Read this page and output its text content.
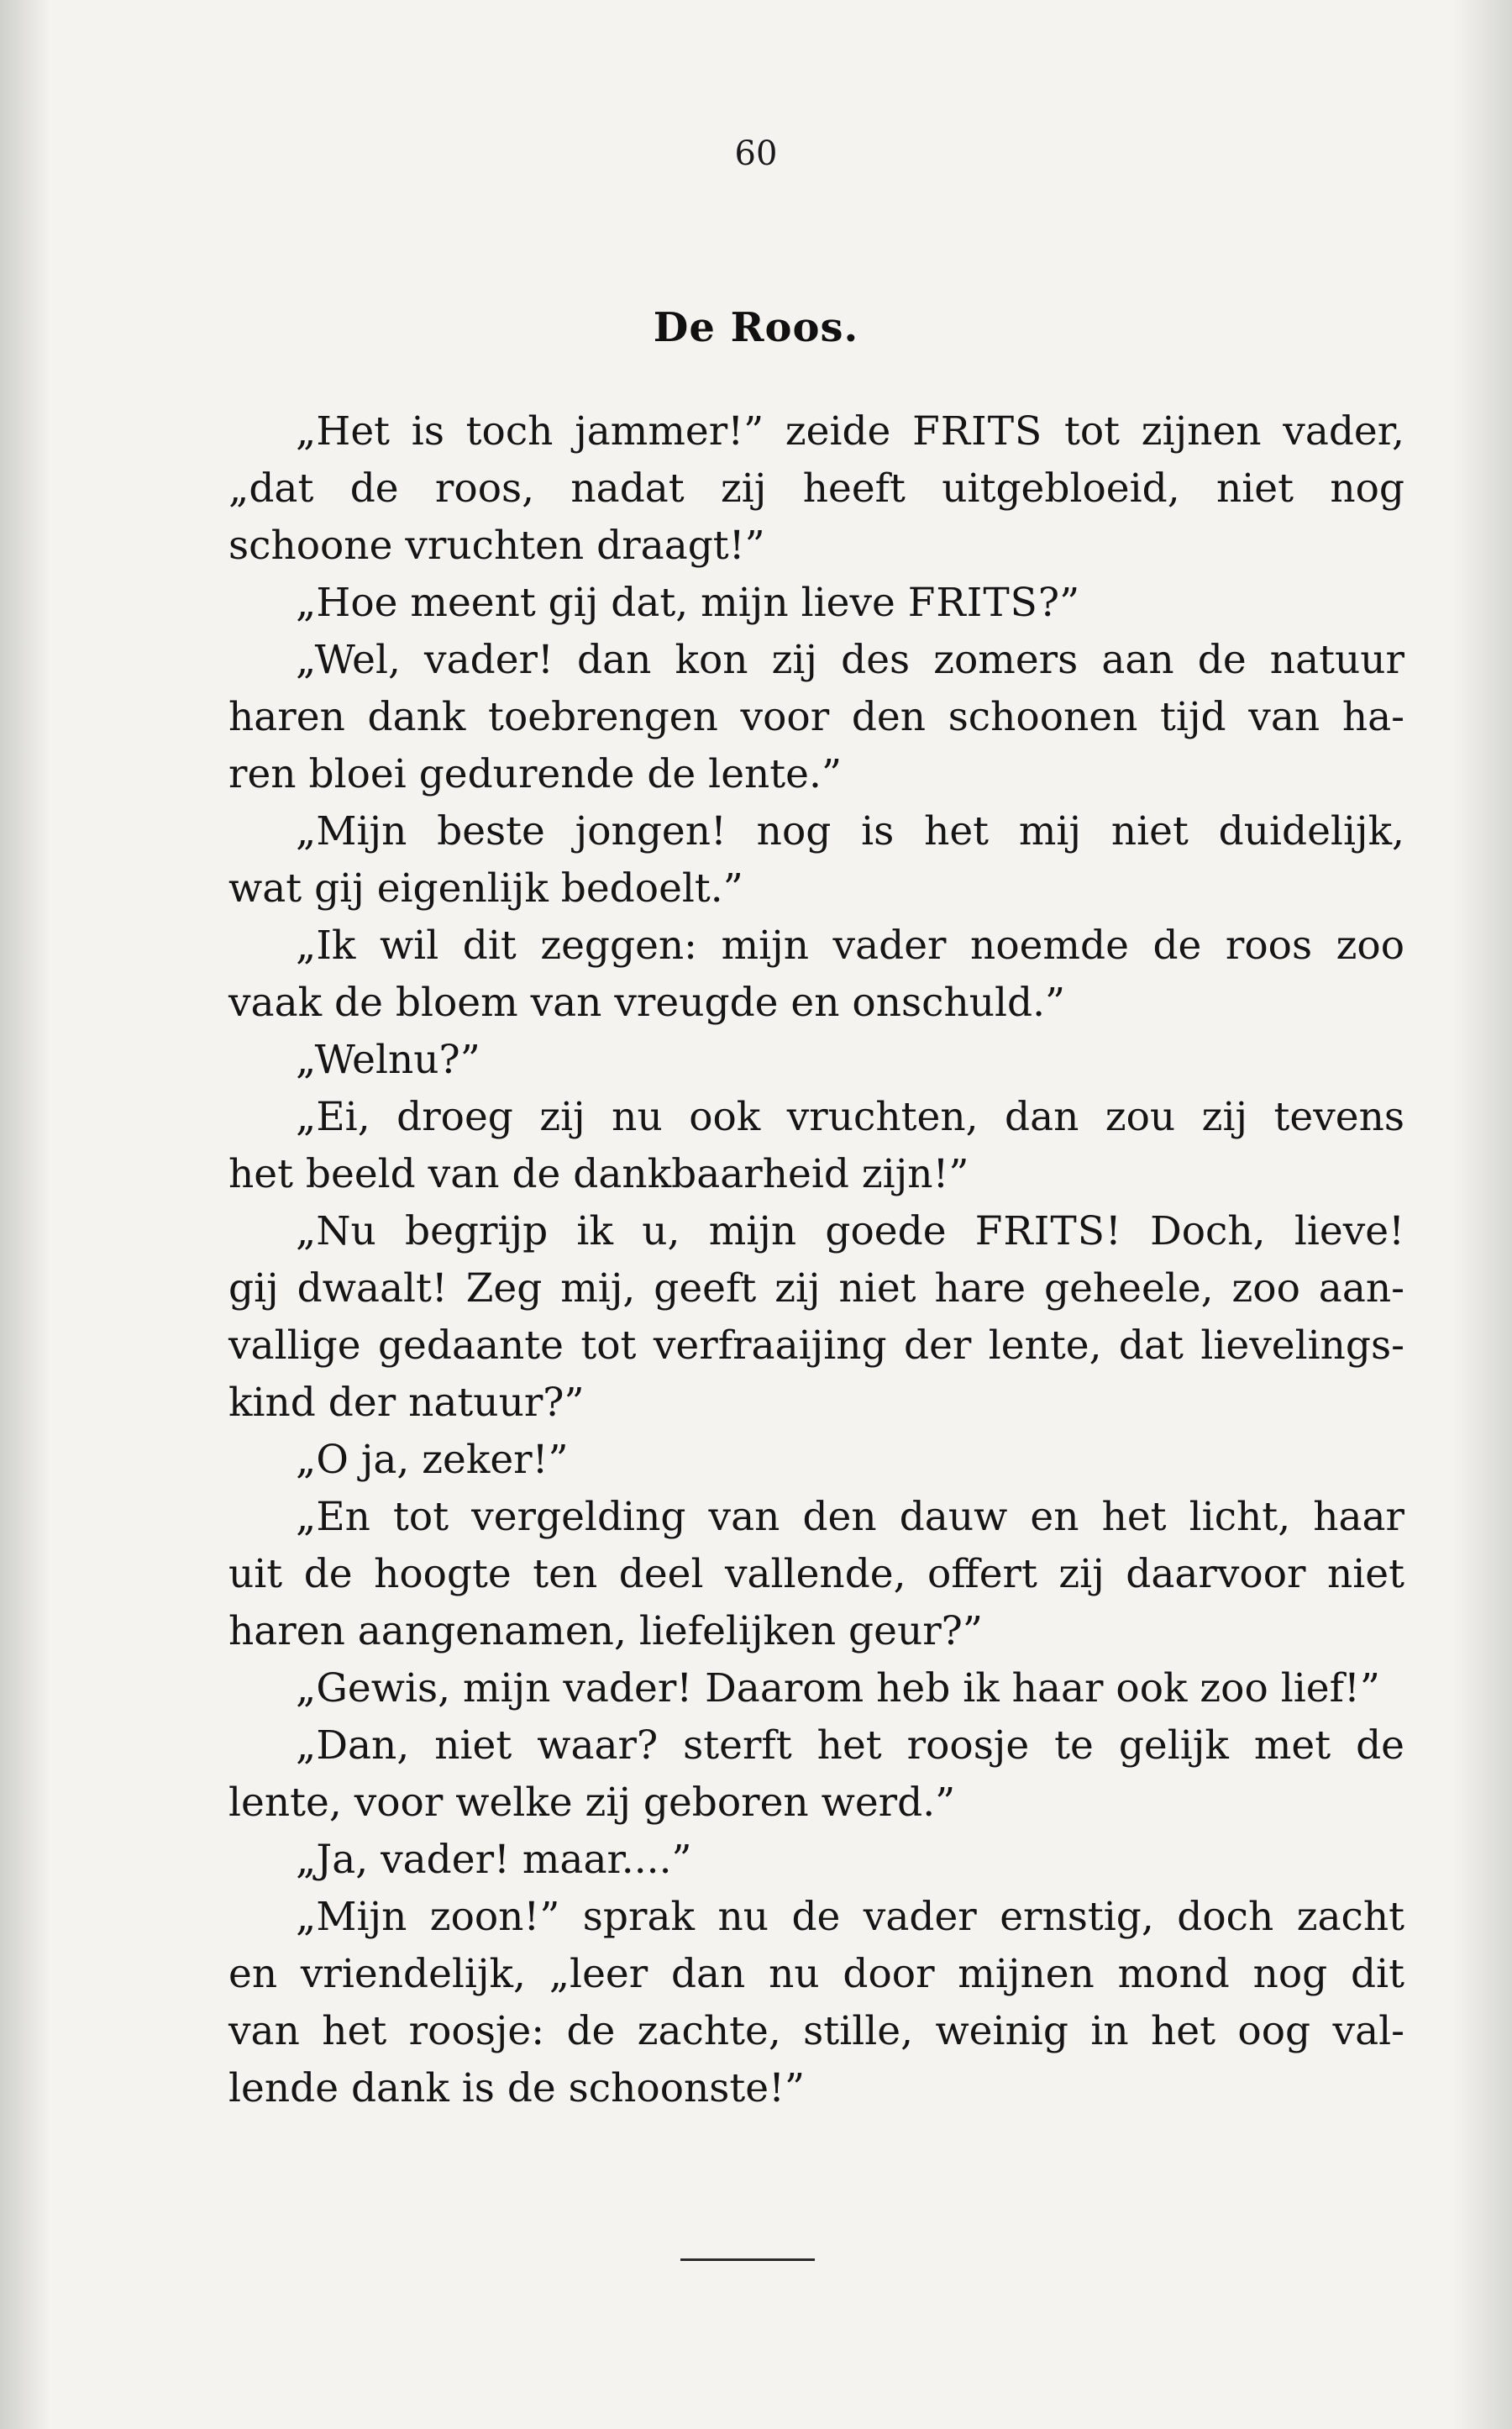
60
De Roos.
„Het is toch jammer!” zeide FRITS tot zijnen vader,
„dat de roos, nadat zij heeft uitgebloeid, niet nog
schoone vruchten draagt!”
„Hoe meent gij dat, mijn lieve FRITS?”
„Wel, vader! dan kon zij des zomers aan de natuur
haren dank toebrengen voor den schoonen tijd van ha-
ren bloei gedurende de lente.”
„Mijn beste jongen! nog is het mij niet duidelijk,
wat gij eigenlijk bedoelt.”
„Ik wil dit zeggen: mijn vader noemde de roos zoo
vaak de bloem van vreugde en onschuld.”
„Welnu?”
„Ei, droeg zij nu ook vruchten, dan zou zij tevens
het beeld van de dankbaarheid zijn!”
„Nu begrijp ik u, mijn goede FRITS! Doch, lieve!
gij dwaalt! Zeg mij, geeft zij niet hare geheele, zoo aan-
vallige gedaante tot verfraaijing der lente, dat lievelings-
kind der natuur?”
„O ja, zeker!”
„En tot vergelding van den dauw en het licht, haar
uit de hoogte ten deel vallende, offert zij daarvoor niet
haren aangenamen, liefelijken geur?”
„Gewis, mijn vader! Daarom heb ik haar ook zoo lief!”
„Dan, niet waar? sterft het roosje te gelijk met de
lente, voor welke zij geboren werd.”
„Ja, vader! maar....”
„Mijn zoon!” sprak nu de vader ernstig, doch zacht
en vriendelijk, „leer dan nu door mijnen mond nog dit
van het roosje: de zachte, stille, weinig in het oog val-
lende dank is de schoonste!”
